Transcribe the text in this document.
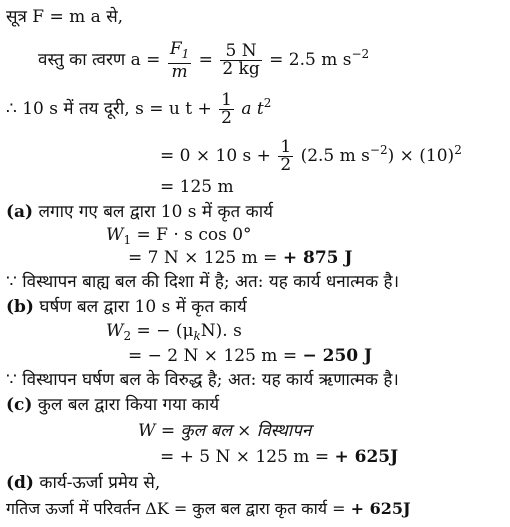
सूत्र F = m a से,
वस्तु का त्वरण $a = \frac{F_1}{m} = \frac{5 N}{2 kg} = 2.5$ m $s^{-2}$
∴ 10 s में तय दूरी, s = u $t + \frac{1}{2}$ a $t^2$
= 0 × 10 $s + \frac{1}{2} (2.5$ m $s^{-2}) \times (10)^2$
= 125 m
(a) लगाए गए बल द्वारा 10 s में कृत कार्य
$W_1 = F \cdot s$ cos 0°
= 7 N × 125 m = + 875 J
∵ विस्थापन बाह्य बल की दिशा में है; अत: यह कार्य धनात्मक है।
(b) घर्षण बल द्वारा 10 s में कृत कार्य
$W_2$ = − $(\mu_kN)$. s
= − 2 N × 125 m = − 250 J
∵ विस्थापन घर्षण बल के विरुद्ध है; अत: यह कार्य ऋणात्मक है।
(c) कुल बल द्वारा किया गया कार्य
W = कुल बल × विस्थापन
= + 5 N × 125 m = + 625J
(d) कार्य-ऊर्जा प्रमेय से,
गतिज ऊर्जा में परिवर्तन ΔK = कुल बल द्वारा कृत कार्य = + 625J
